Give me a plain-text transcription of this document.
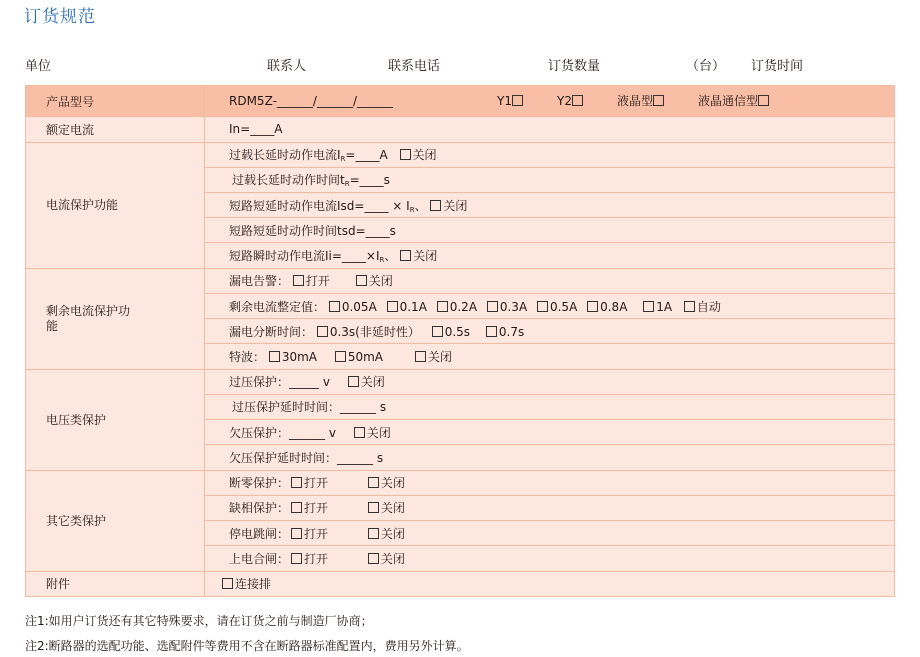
订货规范
单位	联系人	联系电话	订货数量	（台） 订货时间
产品型号	RDM5Z-______/______/______ Y1 Y2 液晶型 液晶通信型

额定电流	In=____A
电流保护功能	过载长延时动作电流$I_R=\_\_\_\_A$ 关闭
	过载长延时动作时间$t_R=\_\_\_\_s$
	短路短延时动作电流Isd=____ × $I_R$、 关闭
	短路短延时动作时间tsd=____s
	短路瞬时动作电流$Ii=\_\_\_\_\times I_R$、 关闭
剩余电流保护功能	漏电告警： 打开 关闭
	剩余电流整定值： 0.05A 0.1A 0.2A 0.3A 0.5A 0.8A 1A 自动
	漏电分断时间： 0.3s(非延时性） 0.5s 0.7s
	特波： 30mA 50mA 关闭
电压类保护	过压保护：_____ v 关闭
	过压保护延时时间：______ s
	欠压保护：______ v 关闭
	欠压保护延时时间：______ s
其它类保护	断零保护： 打开 关闭
	缺相保护： 打开 关闭
	停电跳闸： 打开 关闭
	上电合闸： 打开 关闭
附件	连接排
注1:如用户订货还有其它特殊要求，请在订货之前与制造厂协商；
注2:断路器的选配功能、选配附件等费用不含在断路器标准配置内，费用另外计算。
